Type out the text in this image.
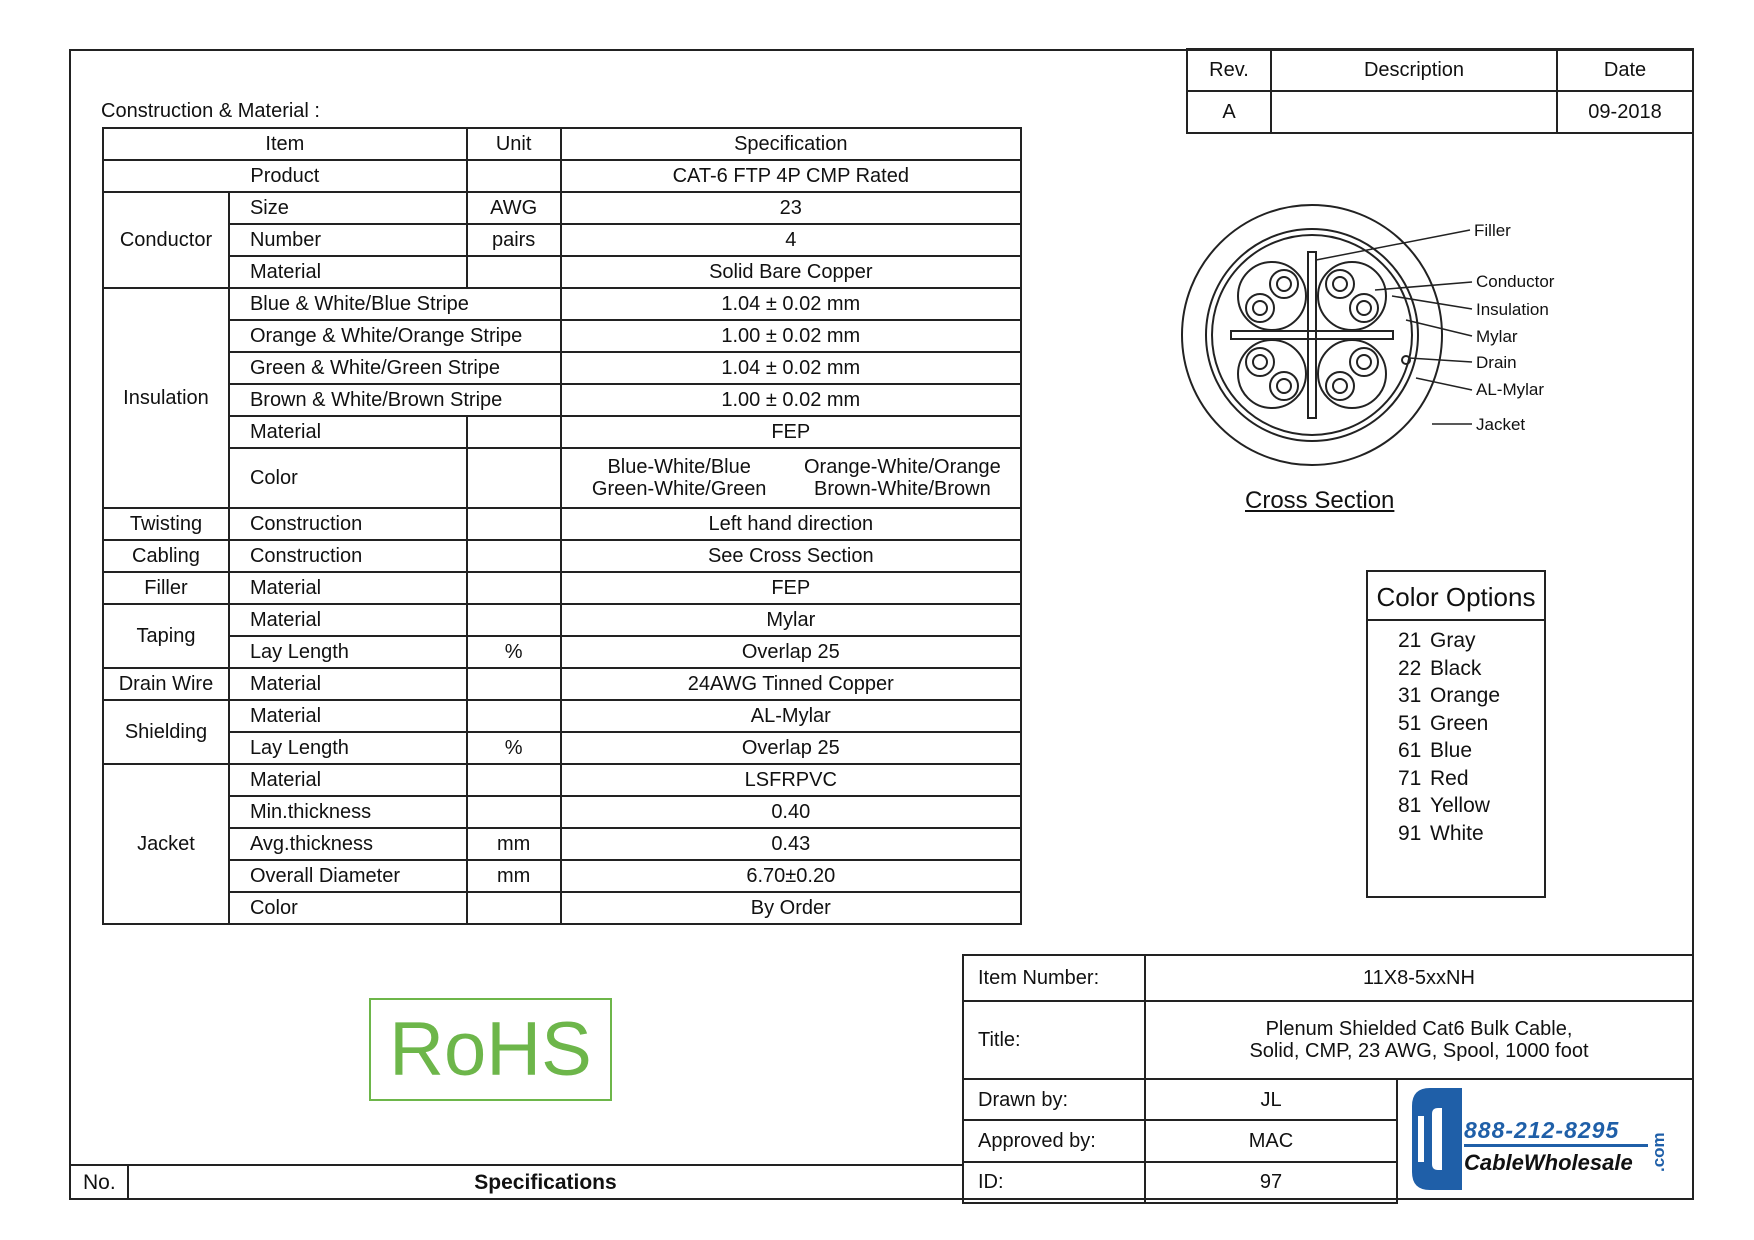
Construction & Material :
Item		Unit	Specification
Product			CAT-6 FTP 4P CMP Rated
Conductor	Size	AWG	23
	Number	pairs	4
	Material		Solid Bare Copper
Insulation	Blue & White/Blue Stripe		1.04 ± 0.02 mm
	Orange & White/Orange Stripe		1.00 ± 0.02 mm
	Green & White/Green Stripe		1.04 ± 0.02 mm
	Brown & White/Brown Stripe		1.00 ± 0.02 mm
	Material		FEP
	Color		Blue-White/Blue Orange-White/Orange
Green-White/Green Brown-White/Brown

Twisting	Construction		Left hand direction
Cabling	Construction		See Cross Section
Filler	Material		FEP
Taping	Material		Mylar
	Lay Length	%	Overlap 25
Drain Wire	Material		24AWG Tinned Copper
Shielding	Material		AL-Mylar
	Lay Length	%	Overlap 25
Jacket	Material		LSFRPVC
	Min.thickness		0.40
	Avg.thickness	mm	0.43
	Overall Diameter	mm	6.70±0.20
	Color		By Order
Rev.	Description	Date
A		09-2018
Filler
Conductor
Insulation
Mylar
Drain
AL-Mylar
Jacket
Cross Section
Color Options
21 Gray
22 Black
31 Orange
51 Green
61 Blue
71 Red
81 Yellow
91 White
RoHS
No.	Specifications
Item Number:	11X8-5xxNH	
Title:	Plenum Shielded Cat6 Bulk Cable,
Solid, CMP, 23 AWG, Spool, 1000 foot	

Drawn by:	JL	888-212-8295
CableWholesale .com

Approved by:	MAC	
ID:	97	
